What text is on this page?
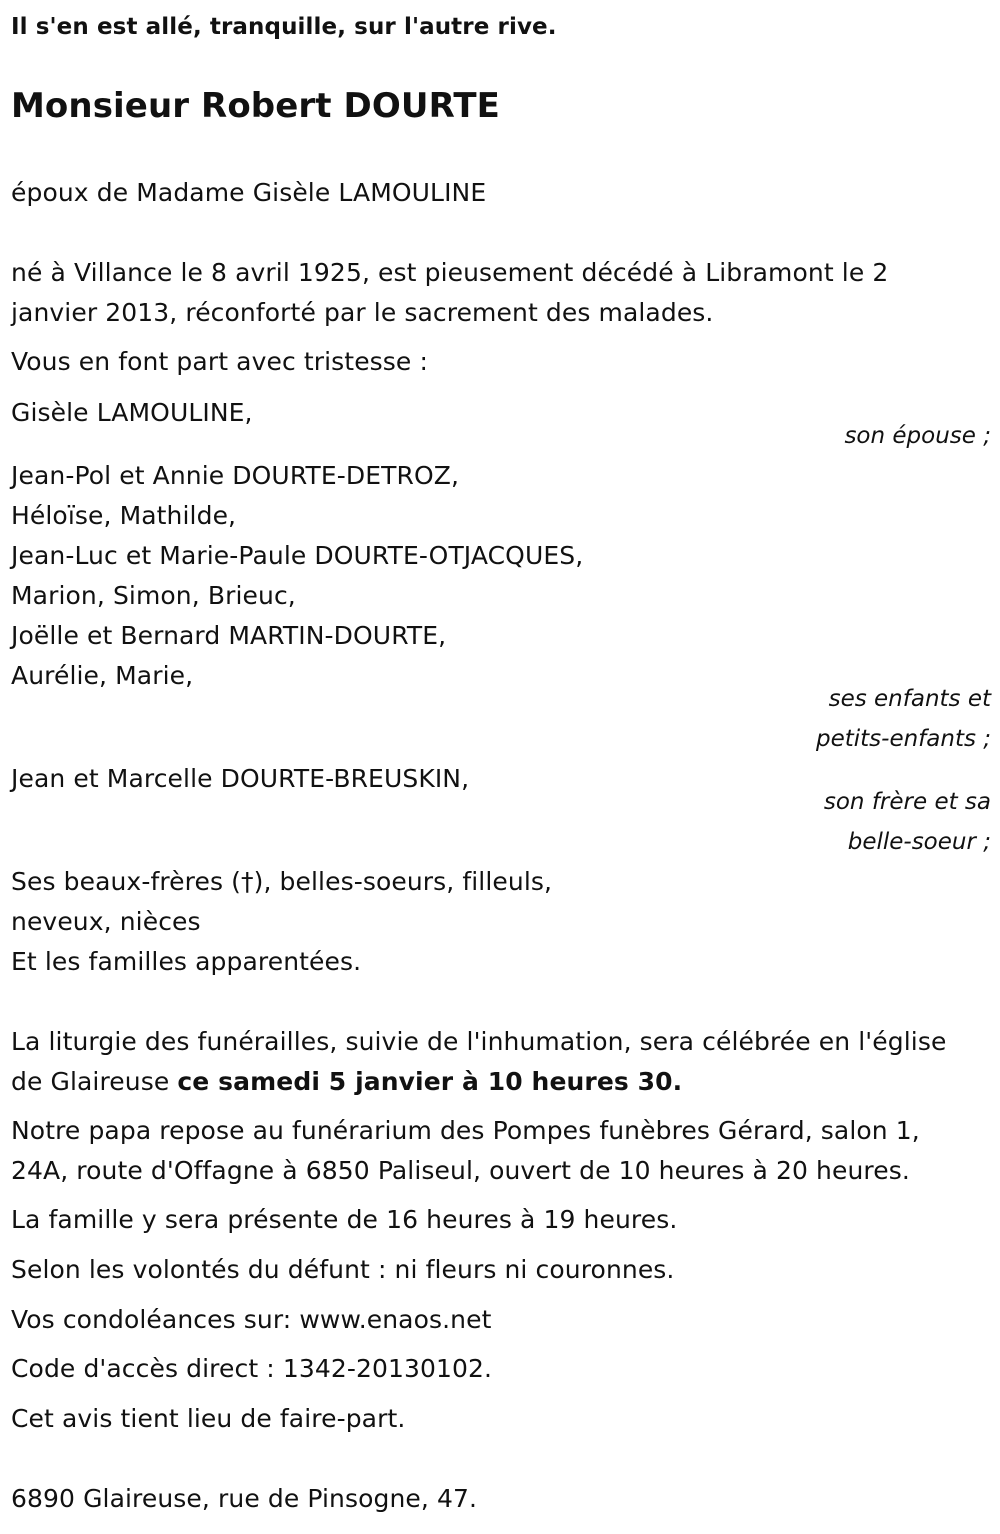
Il s'en est allé, tranquille, sur l'autre rive.
Monsieur Robert DOURTE
époux de Madame Gisèle LAMOULINE
né à Villance le 8 avril 1925, est pieusement décédé à Libramont le 2
janvier 2013, réconforté par le sacrement des malades.
Vous en font part avec tristesse :
Gisèle LAMOULINE,
son épouse ;
Jean-Pol et Annie DOURTE-DETROZ,
Héloïse, Mathilde,
Jean-Luc et Marie-Paule DOURTE-OTJACQUES,
Marion, Simon, Brieuc,
Joëlle et Bernard MARTIN-DOURTE,
Aurélie, Marie,
ses enfants et
petits-enfants ;
Jean et Marcelle DOURTE-BREUSKIN,
son frère et sa
belle-soeur ;
Ses beaux-frères (†), belles-soeurs, filleuls,
neveux, nièces
Et les familles apparentées.
La liturgie des funérailles, suivie de l'inhumation, sera célébrée en l'église
de Glaireuse ce samedi 5 janvier à 10 heures 30.
Notre papa repose au funérarium des Pompes funèbres Gérard, salon 1,
24A, route d'Offagne à 6850 Paliseul, ouvert de 10 heures à 20 heures.
La famille y sera présente de 16 heures à 19 heures.
Selon les volontés du défunt : ni fleurs ni couronnes.
Vos condoléances sur: www.enaos.net
Code d'accès direct : 1342-20130102.
Cet avis tient lieu de faire-part.
6890 Glaireuse, rue de Pinsogne, 47.
